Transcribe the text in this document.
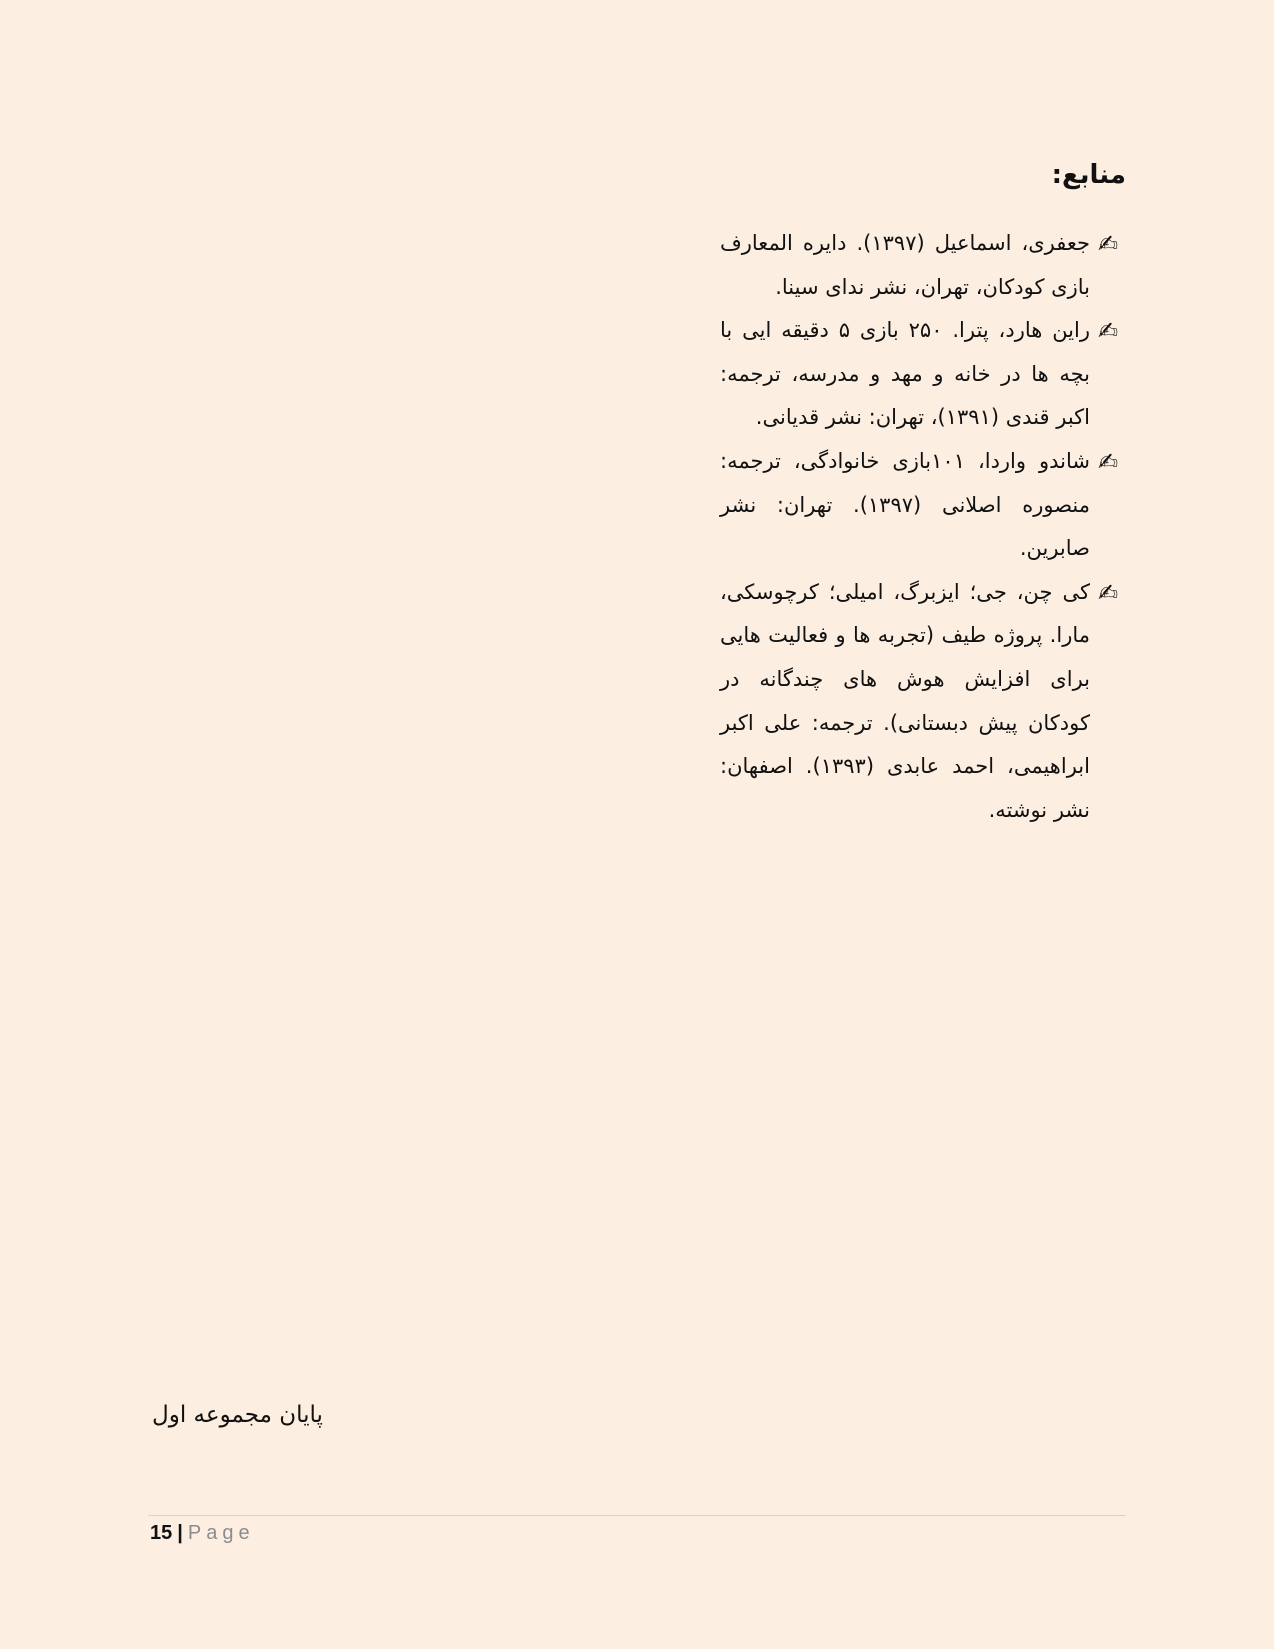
منابع:
✍
جعفری، اسماعیل (۱۳۹۷). دایره المعارف بازی کودکان، تهران، نشر ندای سینا.
✍
راین هارد، پترا. ۲۵۰ بازی ۵ دقیقه ایی با بچه ها در خانه و مهد و مدرسه، ترجمه: اکبر قندی (۱۳۹۱)، تهران: نشر قدیانی.
✍
شاندو واردا، ۱۰۱بازی خانوادگی، ترجمه: منصوره اصلانی (۱۳۹۷). تهران: نشر صابرین.
✍
کی چن، جی؛ ایزبرگ، امیلی؛ کرچوسکی، مارا. پروژه طیف (تجربه ها و فعالیت هایی برای افزایش هوش های چندگانه در کودکان پیش دبستانی). ترجمه: علی اکبر ابراهیمی، احمد عابدی (۱۳۹۳). اصفهان: نشر نوشته.
پایان مجموعه اول
15 | Page
